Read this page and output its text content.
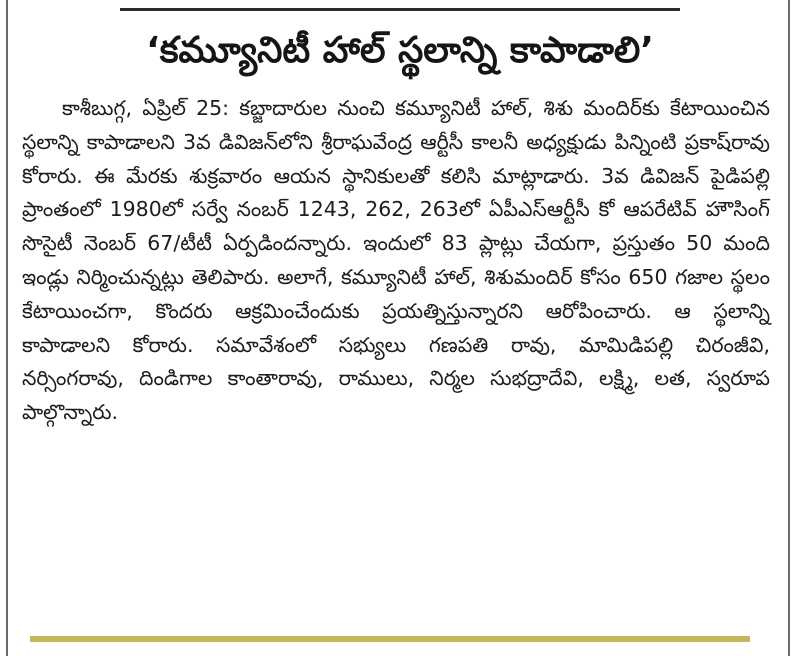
‘కమ్యూనిటీ హాల్ స్థలాన్ని కాపాడాలి’

కాశీబుగ్గ, ఏప్రిల్ 25: కబ్జాదారుల నుంచి కమ్యూనిటీ హాల్, శిశు మందిర్‌కు కేటాయించిన స్థలాన్ని కాపాడాలని 3వ డివిజన్‌లోని శ్రీరాఘవేంద్ర ఆర్టీసీ కాలనీ అధ్యక్షుడు పిన్నింటి ప్రకాష్‌రావు కోరారు. ఈ మేరకు శుక్రవారం ఆయన స్థానికులతో కలిసి మాట్లాడారు. 3వ డివిజన్ పైడిపల్లి ప్రాంతంలో 1980లో సర్వే నంబర్ 1243, 262, 263లో ఏపీఎస్ఆర్టీసీ కో ఆపరేటివ్ హౌసింగ్ సొసైటీ నెంబర్ 67/టీటీ ఏర్పడిందన్నారు. ఇందులో 83 ప్లాట్లు చేయగా, ప్రస్తుతం 50 మంది ఇండ్లు నిర్మించున్నట్లు తెలిపారు. అలాగే, కమ్యూనిటీ హాల్, శిశుమందిర్ కోసం 650 గజాల స్థలం కేటాయించగా, కొందరు ఆక్రమించేందుకు ప్రయత్నిస్తున్నారని ఆరోపించారు. ఆ స్థలాన్ని కాపాడాలని కోరారు. సమావేశంలో సభ్యులు గణపతి రావు, మామిడిపల్లి చిరంజీవి, నర్సింగరావు, దిండిగాల కాంతారావు, రాములు, నిర్మల సుభద్రాదేవి, లక్ష్మి, లత, స్వరూప పాల్గొన్నారు.
